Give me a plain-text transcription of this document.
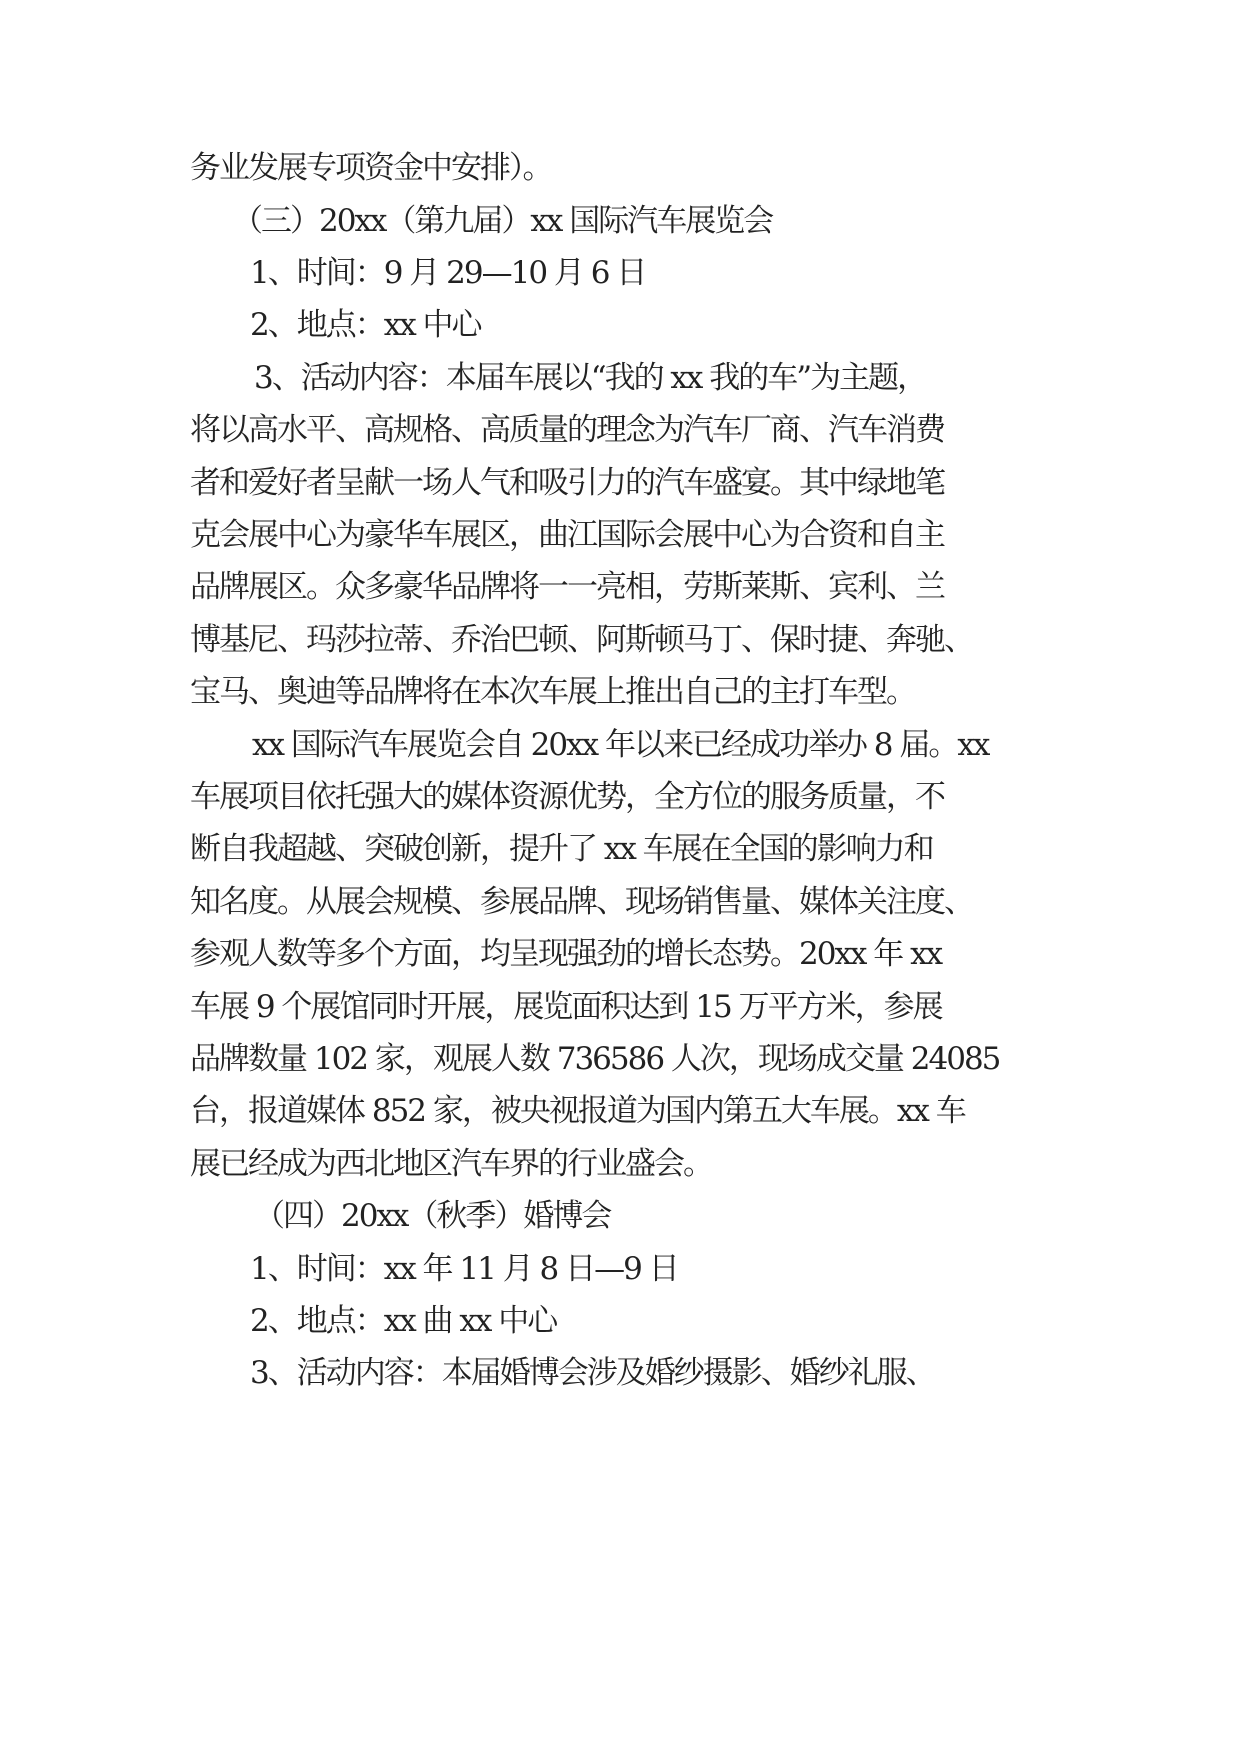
务业发展专项资金中安排）。
（三）20xx（第九届）xx 国际汽车展览会
1、时间：9 月 29—10 月 6 日
2、地点：xx 中心
3、活动内容：本届车展以“我的 xx 我的车”为主题，
将以高水平、高规格、高质量的理念为汽车厂商、汽车消费
者和爱好者呈献一场人气和吸引力的汽车盛宴。其中绿地笔
克会展中心为豪华车展区，曲江国际会展中心为合资和自主
品牌展区。众多豪华品牌将一一亮相，劳斯莱斯、宾利、兰
博基尼、玛莎拉蒂、乔治巴顿、阿斯顿马丁、保时捷、奔驰、
宝马、奥迪等品牌将在本次车展上推出自己的主打车型。
xx 国际汽车展览会自 20xx 年以来已经成功举办 8 届。xx
车展项目依托强大的媒体资源优势，全方位的服务质量，不
断自我超越、突破创新，提升了 xx 车展在全国的影响力和
知名度。从展会规模、参展品牌、现场销售量、媒体关注度、
参观人数等多个方面，均呈现强劲的增长态势。20xx 年 xx
车展 9 个展馆同时开展，展览面积达到 15 万平方米，参展
品牌数量 102 家，观展人数 736586 人次，现场成交量 24085
台，报道媒体 852 家，被央视报道为国内第五大车展。xx 车
展已经成为西北地区汽车界的行业盛会。
（四）20xx（秋季）婚博会
1、时间：xx 年 11 月 8 日—9 日
2、地点：xx 曲 xx 中心
3、活动内容：本届婚博会涉及婚纱摄影、婚纱礼服、
